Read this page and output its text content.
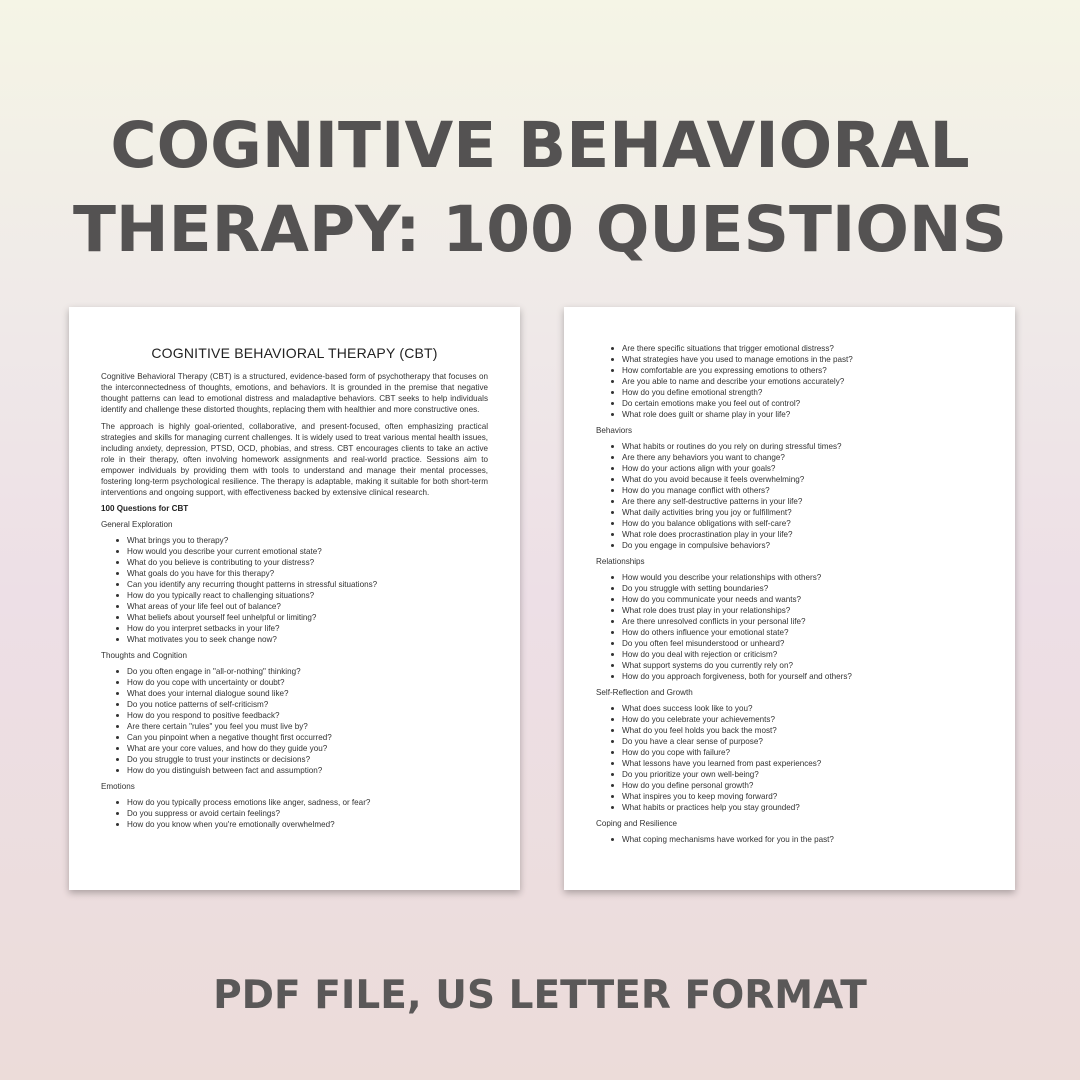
COGNITIVE BEHAVIORAL
THERAPY: 100 QUESTIONS
COGNITIVE BEHAVIORAL THERAPY (CBT)

Cognitive Behavioral Therapy (CBT) is a structured, evidence-based form of psychotherapy that focuses on the interconnectedness of thoughts, emotions, and behaviors. It is grounded in the premise that negative thought patterns can lead to emotional distress and maladaptive behaviors. CBT seeks to help individuals identify and challenge these distorted thoughts, replacing them with healthier and more constructive ones.

The approach is highly goal-oriented, collaborative, and present-focused, often emphasizing practical strategies and skills for managing current challenges. It is widely used to treat various mental health issues, including anxiety, depression, PTSD, OCD, phobias, and stress. CBT encourages clients to take an active role in their therapy, often involving homework assignments and real-world practice. Sessions aim to empower individuals by providing them with tools to understand and manage their mental processes, fostering long-term psychological resilience. The therapy is adaptable, making it suitable for both short-term interventions and ongoing support, with effectiveness backed by extensive clinical research.

100 Questions for CBT
General Exploration
What brings you to therapy?
How would you describe your current emotional state?
What do you believe is contributing to your distress?
What goals do you have for this therapy?
Can you identify any recurring thought patterns in stressful situations?
How do you typically react to challenging situations?
What areas of your life feel out of balance?
What beliefs about yourself feel unhelpful or limiting?
How do you interpret setbacks in your life?
What motivates you to seek change now?
Thoughts and Cognition
Do you often engage in "all-or-nothing" thinking?
How do you cope with uncertainty or doubt?
What does your internal dialogue sound like?
Do you notice patterns of self-criticism?
How do you respond to positive feedback?
Are there certain "rules" you feel you must live by?
Can you pinpoint when a negative thought first occurred?
What are your core values, and how do they guide you?
Do you struggle to trust your instincts or decisions?
How do you distinguish between fact and assumption?
Emotions
How do you typically process emotions like anger, sadness, or fear?
Do you suppress or avoid certain feelings?
How do you know when you're emotionally overwhelmed?
Are there specific situations that trigger emotional distress?
What strategies have you used to manage emotions in the past?
How comfortable are you expressing emotions to others?
Are you able to name and describe your emotions accurately?
How do you define emotional strength?
Do certain emotions make you feel out of control?
What role does guilt or shame play in your life?
Behaviors
What habits or routines do you rely on during stressful times?
Are there any behaviors you want to change?
How do your actions align with your goals?
What do you avoid because it feels overwhelming?
How do you manage conflict with others?
Are there any self-destructive patterns in your life?
What daily activities bring you joy or fulfillment?
How do you balance obligations with self-care?
What role does procrastination play in your life?
Do you engage in compulsive behaviors?
Relationships
How would you describe your relationships with others?
Do you struggle with setting boundaries?
How do you communicate your needs and wants?
What role does trust play in your relationships?
Are there unresolved conflicts in your personal life?
How do others influence your emotional state?
Do you often feel misunderstood or unheard?
How do you deal with rejection or criticism?
What support systems do you currently rely on?
How do you approach forgiveness, both for yourself and others?
Self-Reflection and Growth
What does success look like to you?
How do you celebrate your achievements?
What do you feel holds you back the most?
Do you have a clear sense of purpose?
How do you cope with failure?
What lessons have you learned from past experiences?
Do you prioritize your own well-being?
How do you define personal growth?
What inspires you to keep moving forward?
What habits or practices help you stay grounded?
Coping and Resilience
What coping mechanisms have worked for you in the past?
PDF FILE, US LETTER FORMAT
